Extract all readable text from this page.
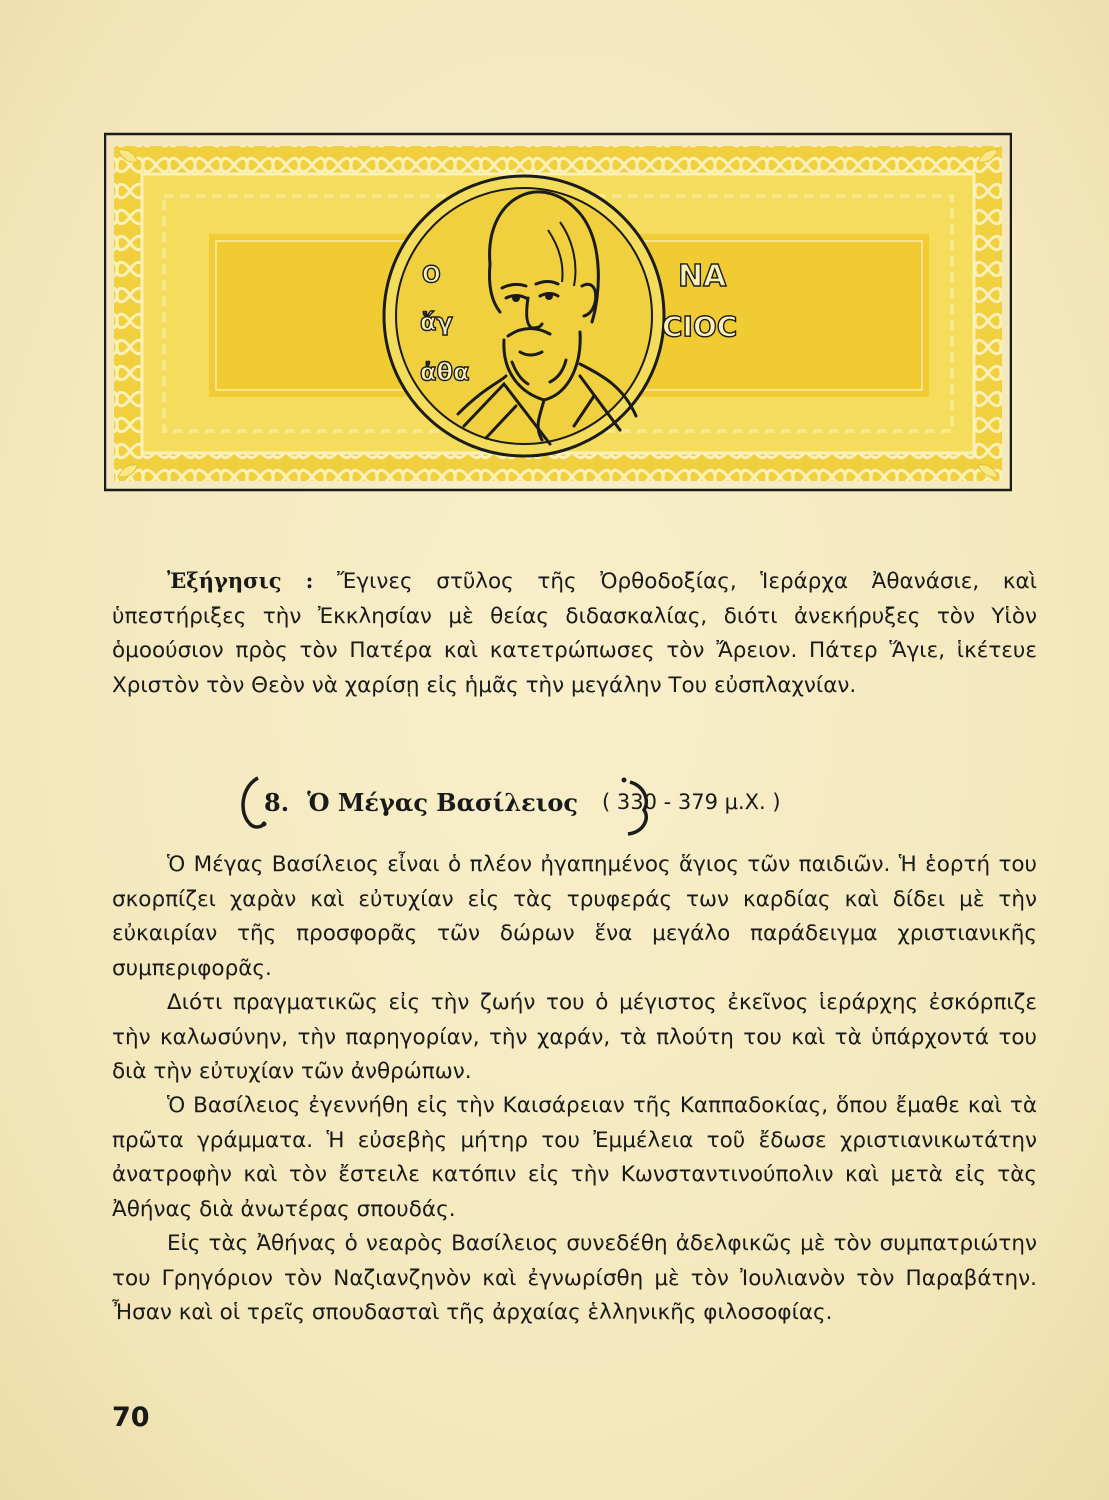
Ο
ἅγ
ἀθα
ΝΑ
CIOC

Ἐξήγησις : Ἔγινες στῦλος τῆς Ὀρθοδοξίας, Ἱεράρχα Ἀθανάσιε, καὶ ὑπεστήριξες τὴν Ἐκκλησίαν μὲ θείας διδασκαλίας, διότι ἀνεκήρυξες τὸν Υἱὸν ὁμοούσιον πρὸς τὸν Πατέρα καὶ κατετρώπωσες τὸν Ἄρειον. Πάτερ Ἅγιε, ἱκέτευε Χριστὸν τὸν Θεὸν νὰ χαρίσῃ εἰς ἡμᾶς τὴν μεγάλην Του εὐσπλαχνίαν.

8. Ὁ Μέγας Βασίλειος ( 330 - 379 μ.Χ. )

Ὁ Μέγας Βασίλειος εἶναι ὁ πλέον ἠγαπημένος ἅγιος τῶν παιδιῶν. Ἡ ἑορτή του σκορπίζει χαρὰν καὶ εὐτυχίαν εἰς τὰς τρυφεράς των καρδίας καὶ δίδει μὲ τὴν εὐκαιρίαν τῆς προσφορᾶς τῶν δώρων ἕνα μεγάλο παράδειγμα χριστιανικῆς συμπεριφορᾶς.

Διότι πραγματικῶς εἰς τὴν ζωήν του ὁ μέγιστος ἐκεῖνος ἱεράρχης ἐσκόρπιζε τὴν καλωσύνην, τὴν παρηγορίαν, τὴν χαράν, τὰ πλούτη του καὶ τὰ ὑπάρχοντά του διὰ τὴν εὐτυχίαν τῶν ἀνθρώπων.

Ὁ Βασίλειος ἐγεννήθη εἰς τὴν Καισάρειαν τῆς Καππαδοκίας, ὅπου ἔμαθε καὶ τὰ πρῶτα γράμματα. Ἡ εὐσεβὴς μήτηρ του Ἐμμέλεια τοῦ ἔδωσε χριστιανικωτάτην ἀνατροφὴν καὶ τὸν ἔστειλε κατόπιν εἰς τὴν Κωνσταντινούπολιν καὶ μετὰ εἰς τὰς Ἀθήνας διὰ ἀνωτέρας σπουδάς.

Εἰς τὰς Ἀθήνας ὁ νεαρὸς Βασίλειος συνεδέθη ἀδελφικῶς μὲ τὸν συμπατριώτην του Γρηγόριον τὸν Ναζιανζηνὸν καὶ ἐγνωρίσθη μὲ τὸν Ἰουλιανὸν τὸν Παραβάτην. Ἦσαν καὶ οἱ τρεῖς σπουδασταὶ τῆς ἀρχαίας ἑλληνικῆς φιλοσοφίας.

70
